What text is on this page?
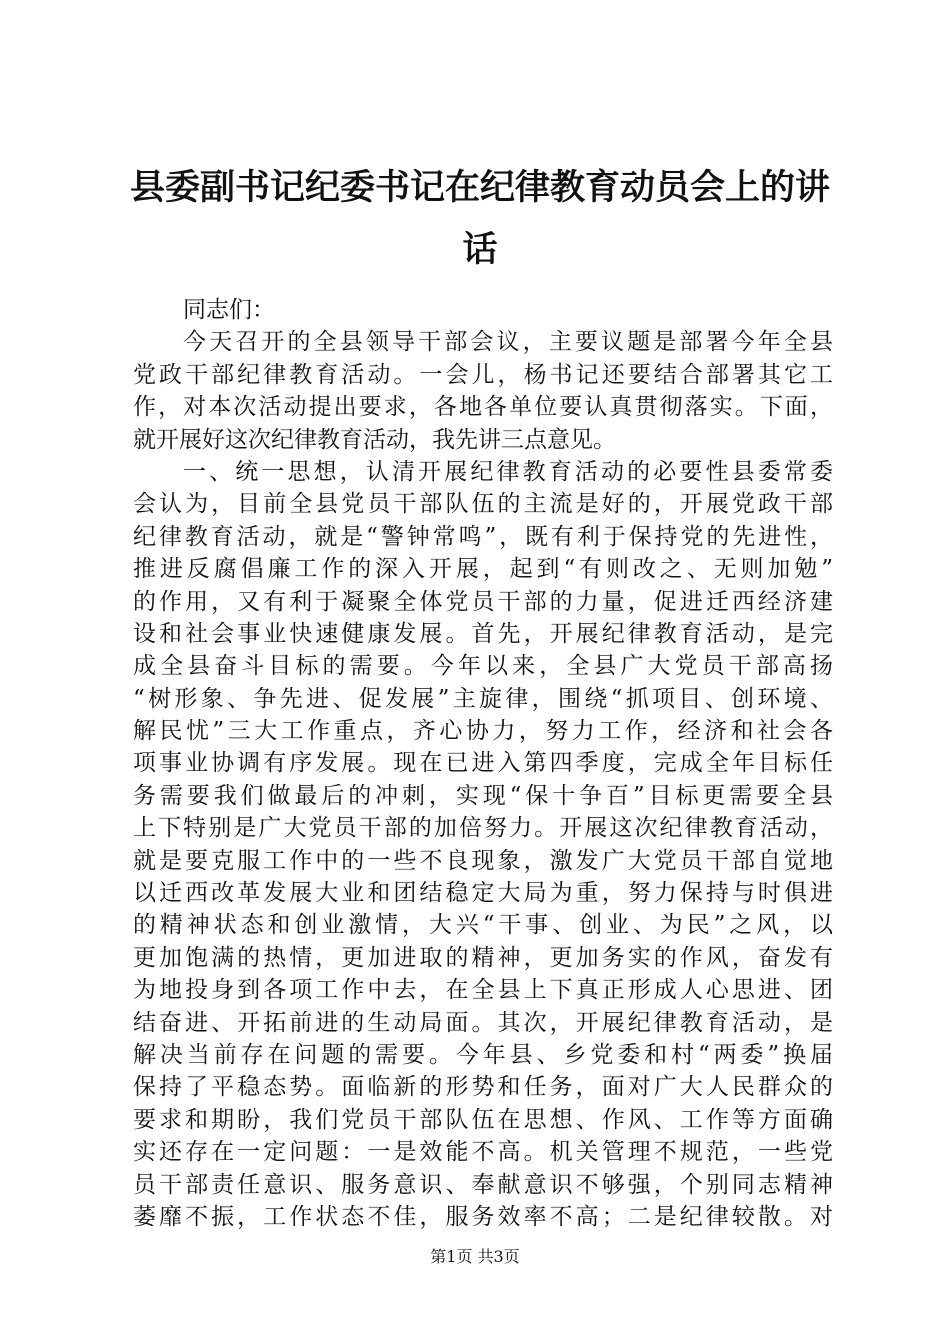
县委副书记纪委书记在纪律教育动员会上的讲
话
同志们：
今天召开的全县领导干部会议，主要议题是部署今年全县
党政干部纪律教育活动。一会儿，杨书记还要结合部署其它工
作，对本次活动提出要求，各地各单位要认真贯彻落实。下面，
就开展好这次纪律教育活动，我先讲三点意见。
一、统一思想，认清开展纪律教育活动的必要性县委常委
会认为，目前全县党员干部队伍的主流是好的，开展党政干部
纪律教育活动，就是“警钟常鸣”，既有利于保持党的先进性，
推进反腐倡廉工作的深入开展，起到“有则改之、无则加勉”
的作用，又有利于凝聚全体党员干部的力量，促进迁西经济建
设和社会事业快速健康发展。首先，开展纪律教育活动，是完
成全县奋斗目标的需要。今年以来，全县广大党员干部高扬
“树形象、争先进、促发展”主旋律，围绕“抓项目、创环境、
解民忧”三大工作重点，齐心协力，努力工作，经济和社会各
项事业协调有序发展。现在已进入第四季度，完成全年目标任
务需要我们做最后的冲刺，实现“保十争百”目标更需要全县
上下特别是广大党员干部的加倍努力。开展这次纪律教育活动，
就是要克服工作中的一些不良现象，激发广大党员干部自觉地
以迁西改革发展大业和团结稳定大局为重，努力保持与时俱进
的精神状态和创业激情，大兴“干事、创业、为民”之风，以
更加饱满的热情，更加进取的精神，更加务实的作风，奋发有
为地投身到各项工作中去，在全县上下真正形成人心思进、团
结奋进、开拓前进的生动局面。其次，开展纪律教育活动，是
解决当前存在问题的需要。今年县、乡党委和村“两委”换届
保持了平稳态势。面临新的形势和任务，面对广大人民群众的
要求和期盼，我们党员干部队伍在思想、作风、工作等方面确
实还存在一定问题：一是效能不高。机关管理不规范，一些党
员干部责任意识、服务意识、奉献意识不够强，个别同志精神
萎靡不振，工作状态不佳，服务效率不高；二是纪律较散。对
第1页 共3页
